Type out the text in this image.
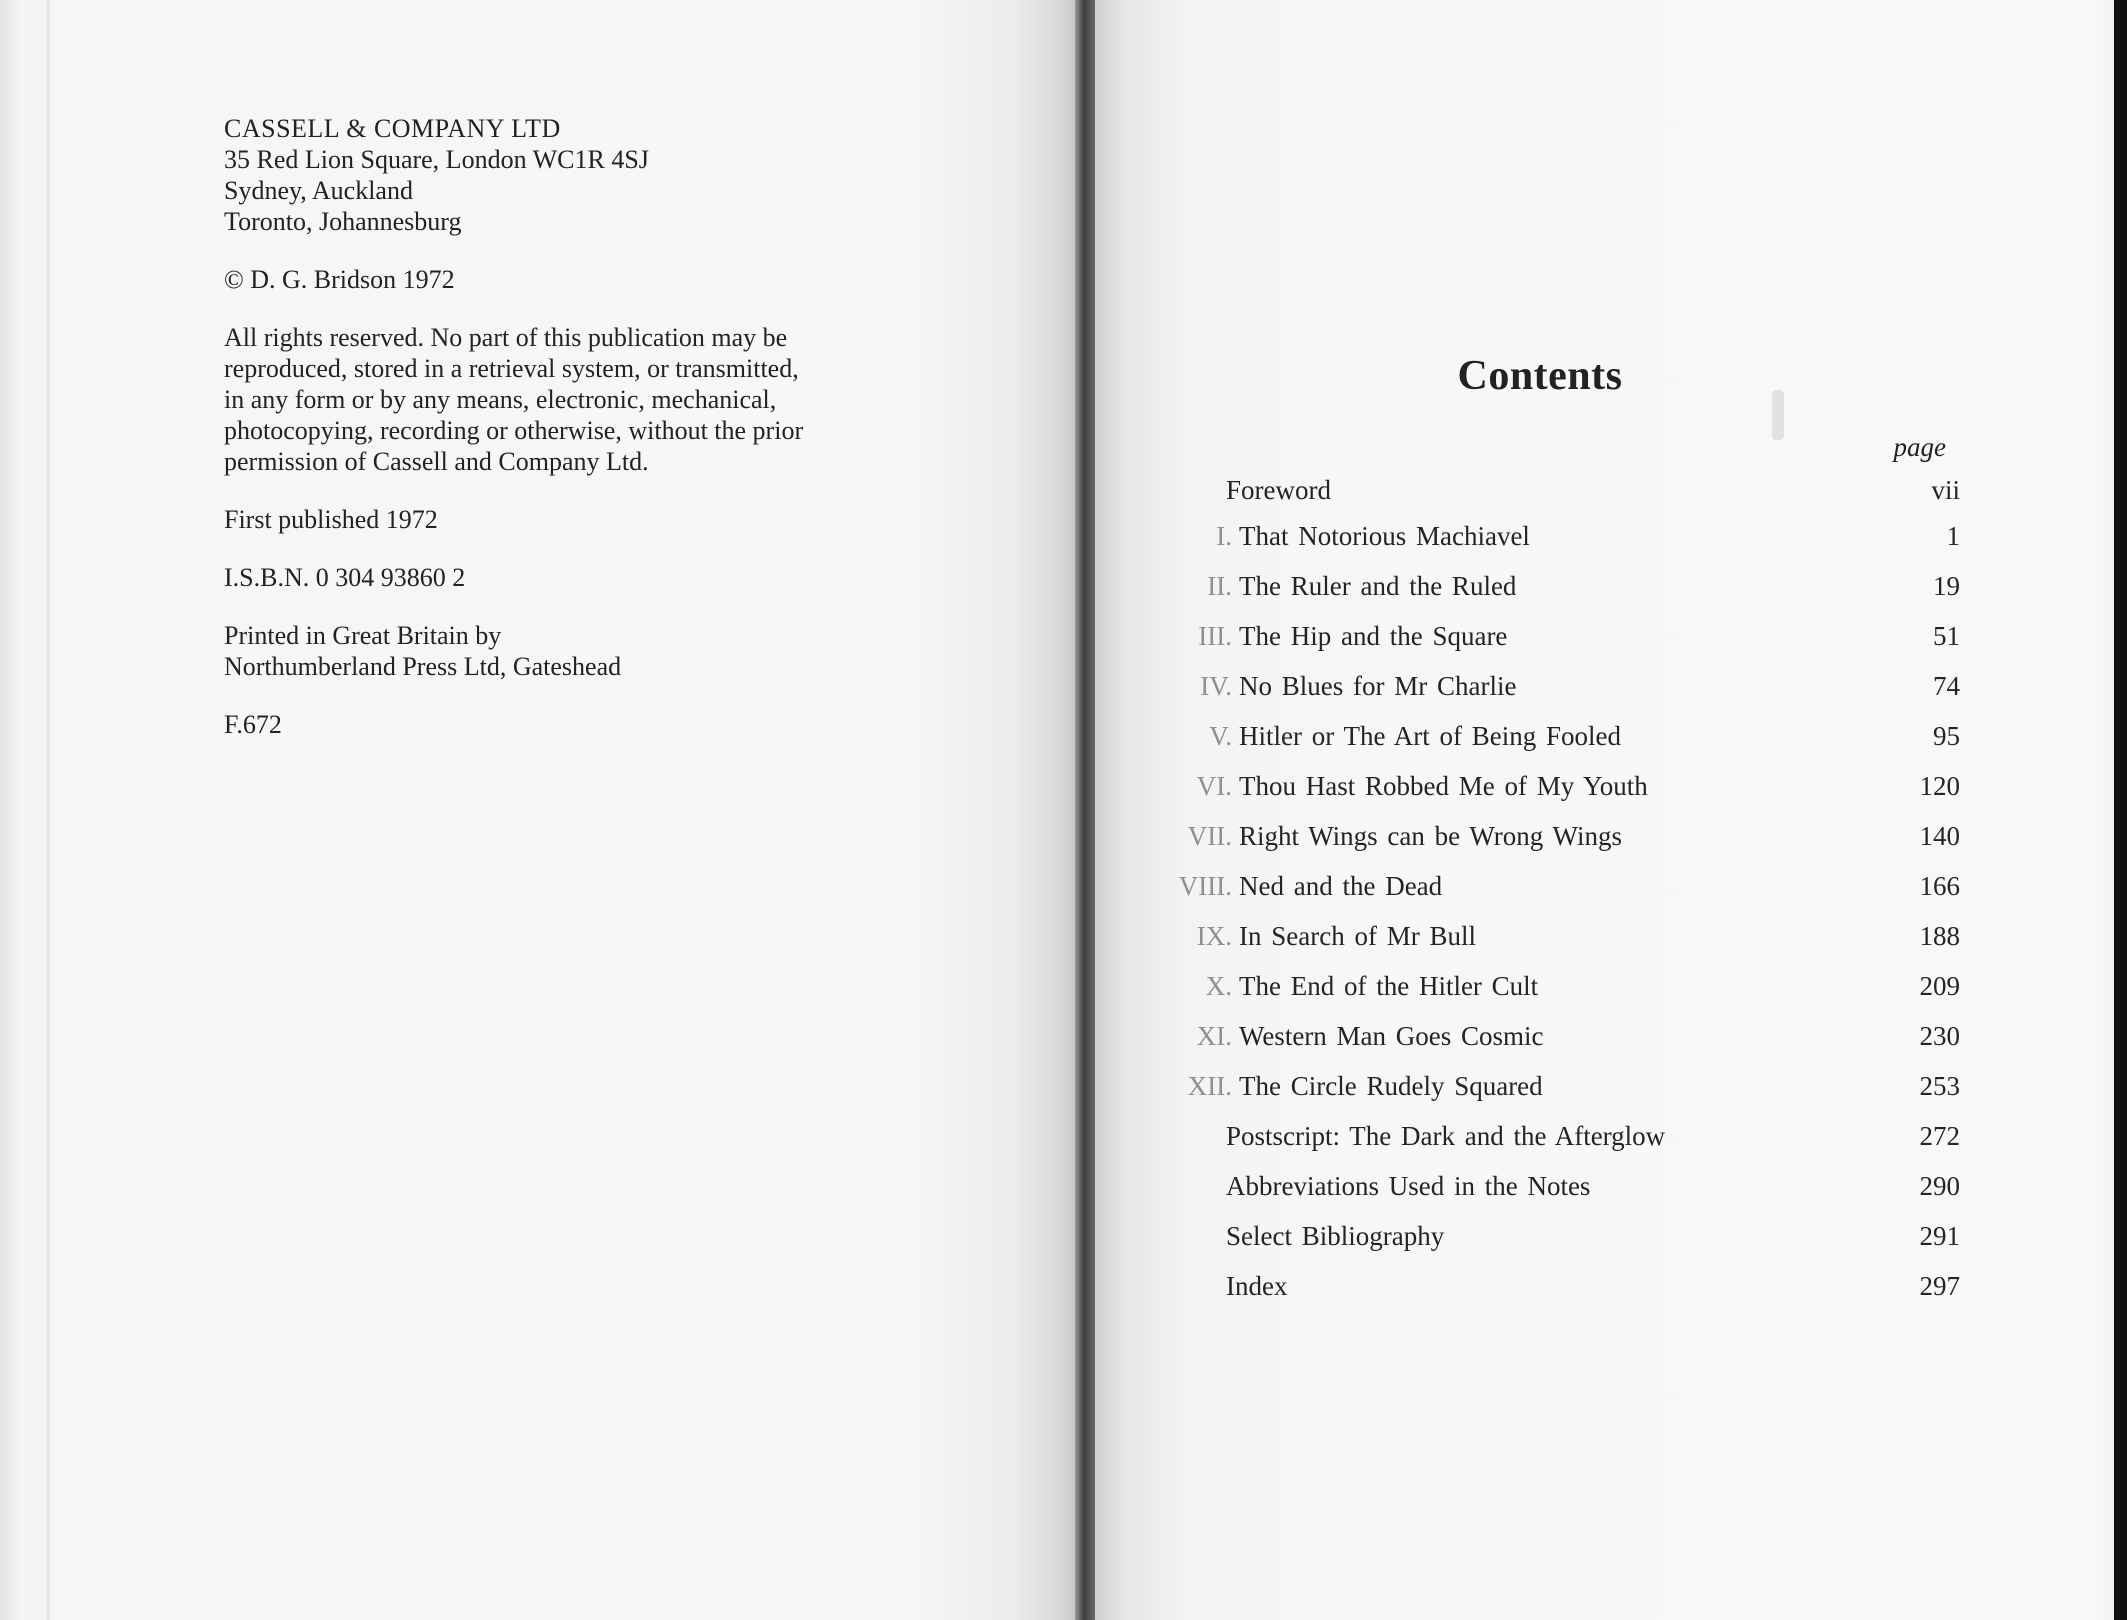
CASSELL & COMPANY LTD
35 Red Lion Square, London WC1R 4SJ
Sydney, Auckland
Toronto, Johannesburg
© D. G. Bridson 1972
All rights reserved. No part of this publication may be
reproduced, stored in a retrieval system, or transmitted,
in any form or by any means, electronic, mechanical,
photocopying, recording or otherwise, without the prior
permission of Cassell and Company Ltd.
First published 1972
I.S.B.N. 0 304 93860 2
Printed in Great Britain by
Northumberland Press Ltd, Gateshead
F.672
Contents
page
Foreword	vii
I. That Notorious Machiavel	1
II. The Ruler and the Ruled	19
III. The Hip and the Square	51
IV. No Blues for Mr Charlie	74
V. Hitler or The Art of Being Fooled	95
VI. Thou Hast Robbed Me of My Youth	120
VII. Right Wings can be Wrong Wings	140
VIII. Ned and the Dead	166
IX. In Search of Mr Bull	188
X. The End of the Hitler Cult	209
XI. Western Man Goes Cosmic	230
XII. The Circle Rudely Squared	253
Postscript: The Dark and the Afterglow	272
Abbreviations Used in the Notes	290
Select Bibliography	291
Index	297
